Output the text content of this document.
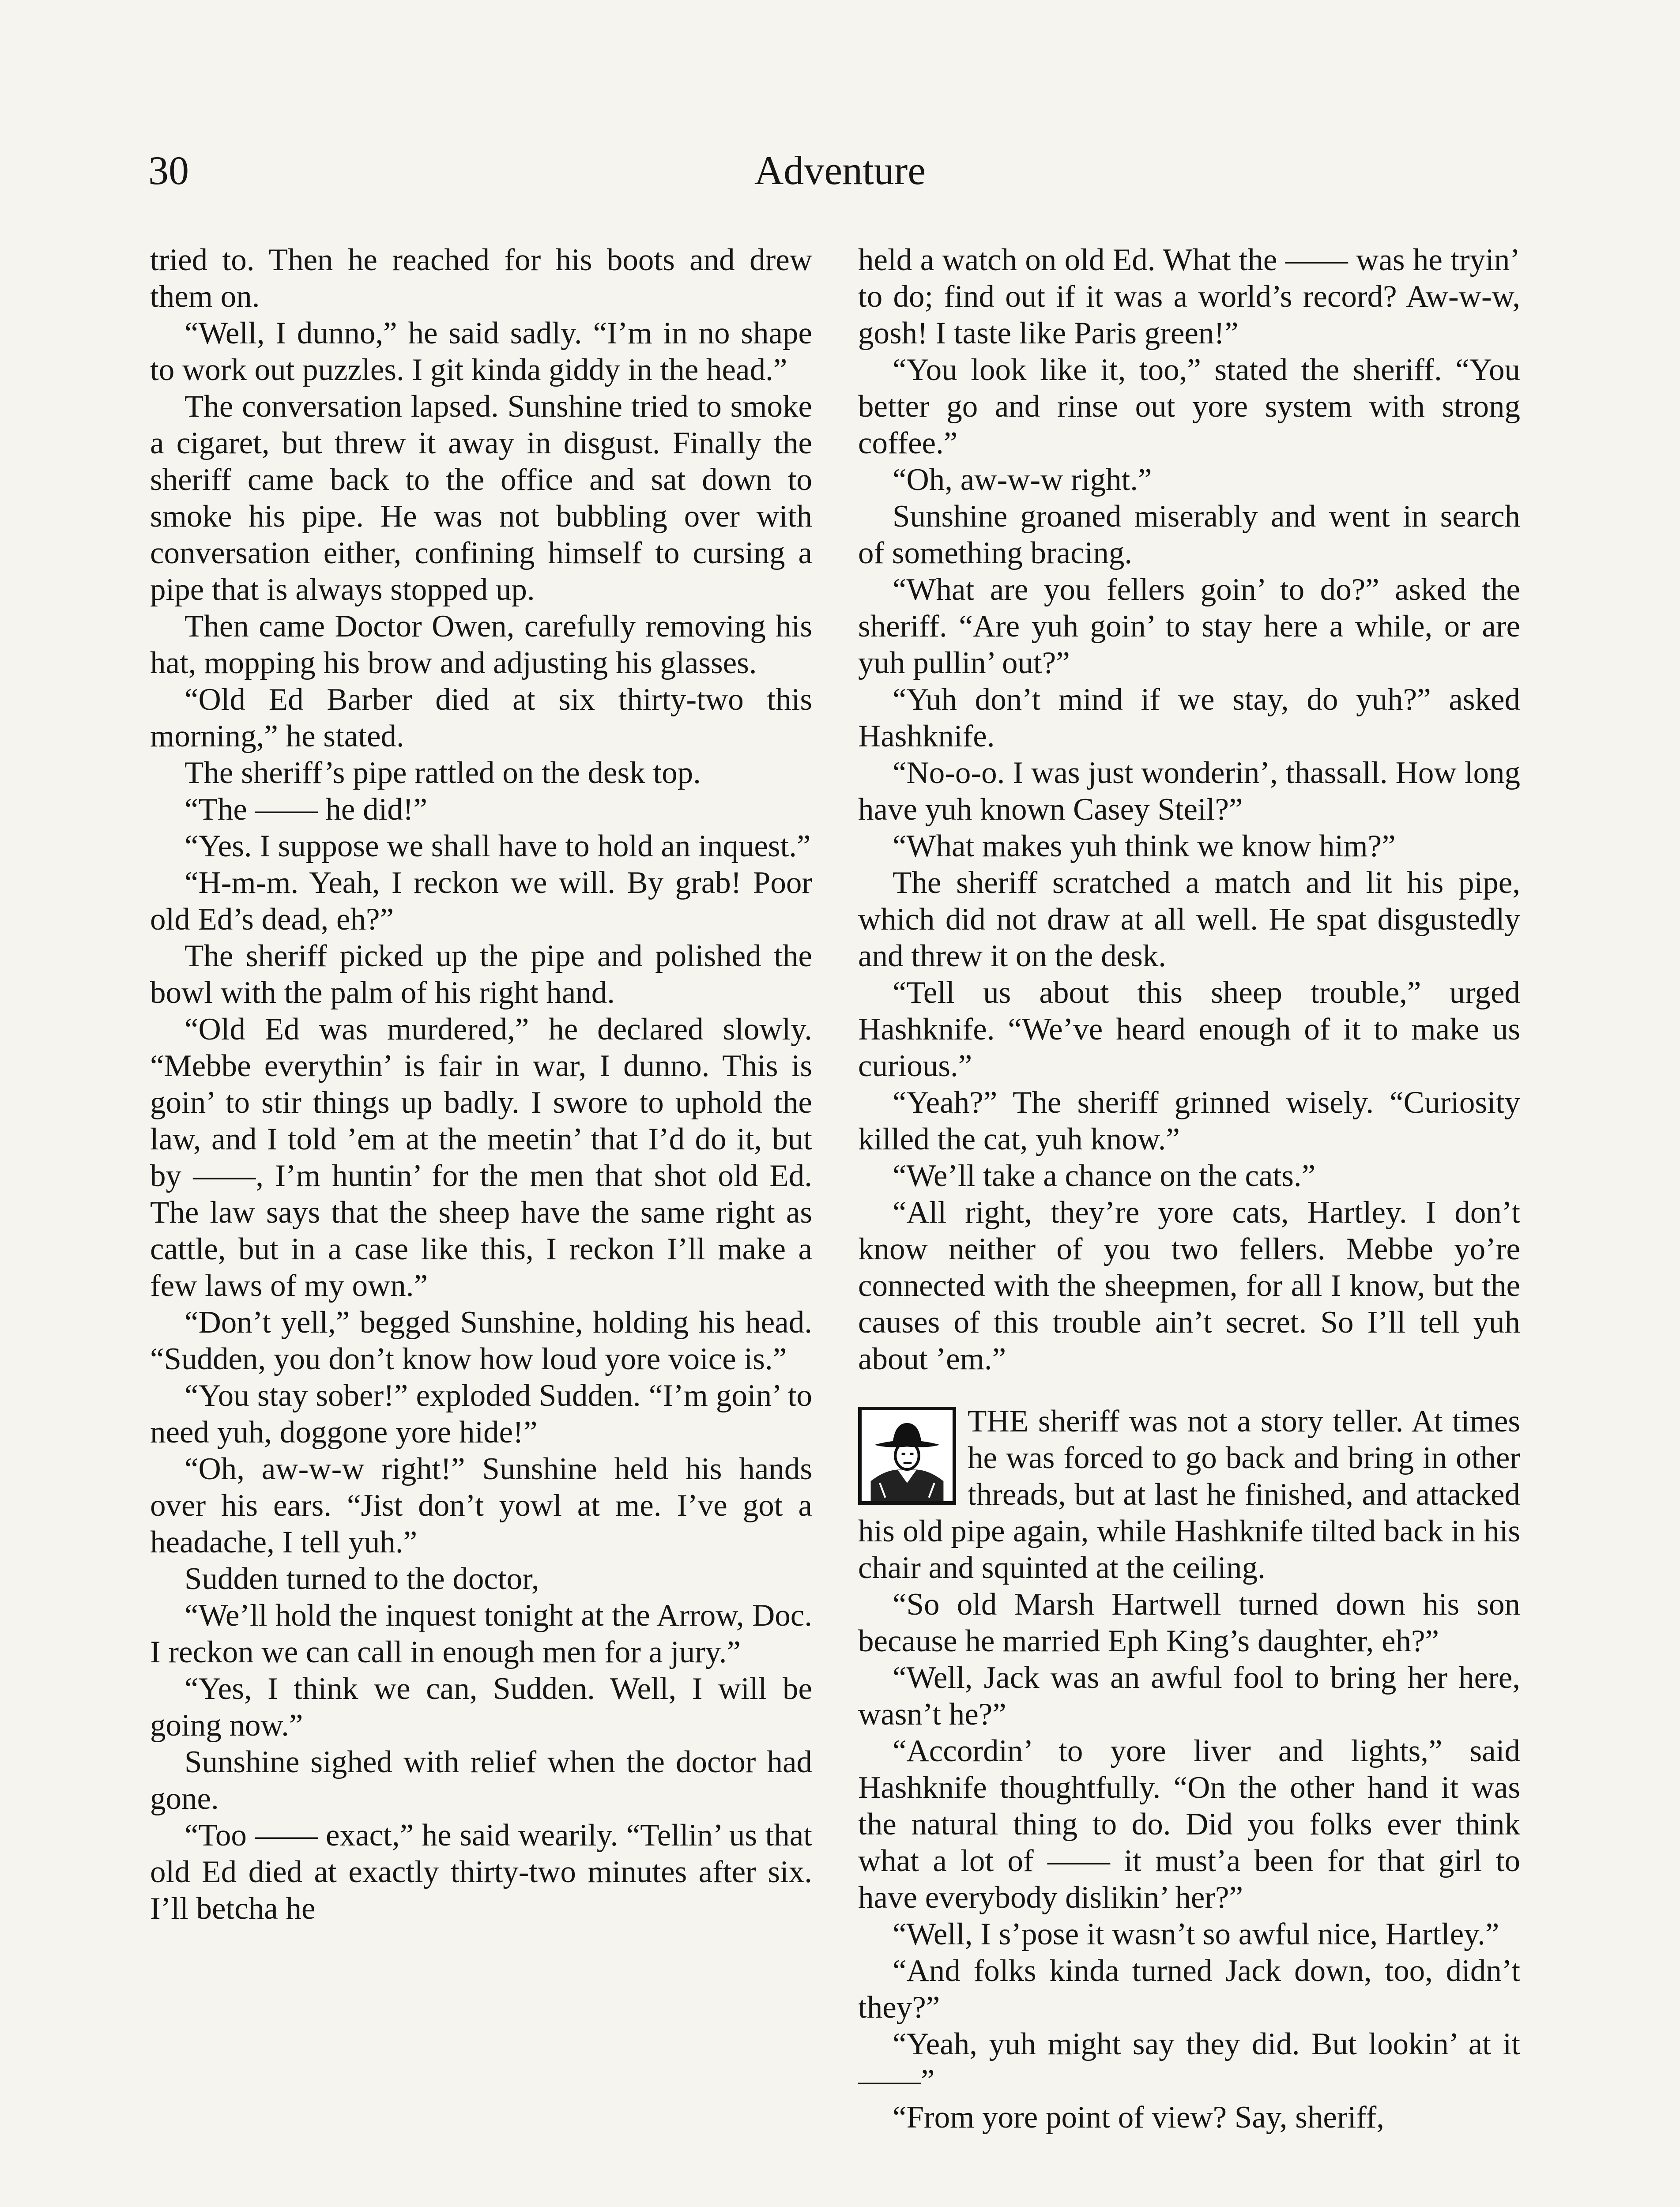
30	Adventure

tried to. Then he reached for his boots and drew them on.

“Well, I dunno,” he said sadly. “I’m in no shape to work out puzzles. I git kinda giddy in the head.”

The conversation lapsed. Sunshine tried to smoke a cigaret, but threw it away in disgust. Finally the sheriff came back to the office and sat down to smoke his pipe. He was not bubbling over with conversation either, confining himself to cursing a pipe that is always stopped up.

Then came Doctor Owen, carefully removing his hat, mopping his brow and adjusting his glasses.

“Old Ed Barber died at six thirty-two this morning,” he stated.

The sheriff’s pipe rattled on the desk top.

“The —— he did!”

“Yes. I suppose we shall have to hold an inquest.”

“H-m-m. Yeah, I reckon we will. By grab! Poor old Ed’s dead, eh?”

The sheriff picked up the pipe and polished the bowl with the palm of his right hand.

“Old Ed was murdered,” he declared slowly. “Mebbe everythin’ is fair in war, I dunno. This is goin’ to stir things up badly. I swore to uphold the law, and I told ’em at the meetin’ that I’d do it, but by ——, I’m huntin’ for the men that shot old Ed. The law says that the sheep have the same right as cattle, but in a case like this, I reckon I’ll make a few laws of my own.”

“Don’t yell,” begged Sunshine, holding his head. “Sudden, you don’t know how loud yore voice is.”

“You stay sober!” exploded Sudden. “I’m goin’ to need yuh, doggone yore hide!”

“Oh, aw-w-w right!” Sunshine held his hands over his ears. “Jist don’t yowl at me. I’ve got a headache, I tell yuh.”

Sudden turned to the doctor,

“We’ll hold the inquest tonight at the Arrow, Doc. I reckon we can call in enough men for a jury.”

“Yes, I think we can, Sudden. Well, I will be going now.”

Sunshine sighed with relief when the doctor had gone.

“Too —— exact,” he said wearily. “Tellin’ us that old Ed died at exactly thirty-two minutes after six. I’ll betcha he

held a watch on old Ed. What the —— was he tryin’ to do; find out if it was a world’s record? Aw-w-w, gosh! I taste like Paris green!”

“You look like it, too,” stated the sheriff. “You better go and rinse out yore system with strong coffee.”

“Oh, aw-w-w right.”

Sunshine groaned miserably and went in search of something bracing.

“What are you fellers goin’ to do?” asked the sheriff. “Are yuh goin’ to stay here a while, or are yuh pullin’ out?”

“Yuh don’t mind if we stay, do yuh?” asked Hashknife.

“No-o-o. I was just wonderin’, thassall. How long have yuh known Casey Steil?”

“What makes yuh think we know him?”

The sheriff scratched a match and lit his pipe, which did not draw at all well. He spat disgustedly and threw it on the desk.

“Tell us about this sheep trouble,” urged Hashknife. “We’ve heard enough of it to make us curious.”

“Yeah?” The sheriff grinned wisely. “Curiosity killed the cat, yuh know.”

“We’ll take a chance on the cats.”

“All right, they’re yore cats, Hartley. I don’t know neither of you two fellers. Mebbe yo’re connected with the sheepmen, for all I know, but the causes of this trouble ain’t secret. So I’ll tell yuh about ’em.”

THE sheriff was not a story teller. At times he was forced to go back and bring in other threads, but at last he finished, and attacked his old pipe again, while Hashknife tilted back in his chair and squinted at the ceiling.

“So old Marsh Hartwell turned down his son because he married Eph King’s daughter, eh?”

“Well, Jack was an awful fool to bring her here, wasn’t he?”

“Accordin’ to yore liver and lights,” said Hashknife thoughtfully. “On the other hand it was the natural thing to do. Did you folks ever think what a lot of —— it must’a been for that girl to have everybody dislikin’ her?”

“Well, I s’pose it wasn’t so awful nice, Hartley.”

“And folks kinda turned Jack down, too, didn’t they?”

“Yeah, yuh might say they did. But lookin’ at it——”

“From yore point of view? Say, sheriff,
